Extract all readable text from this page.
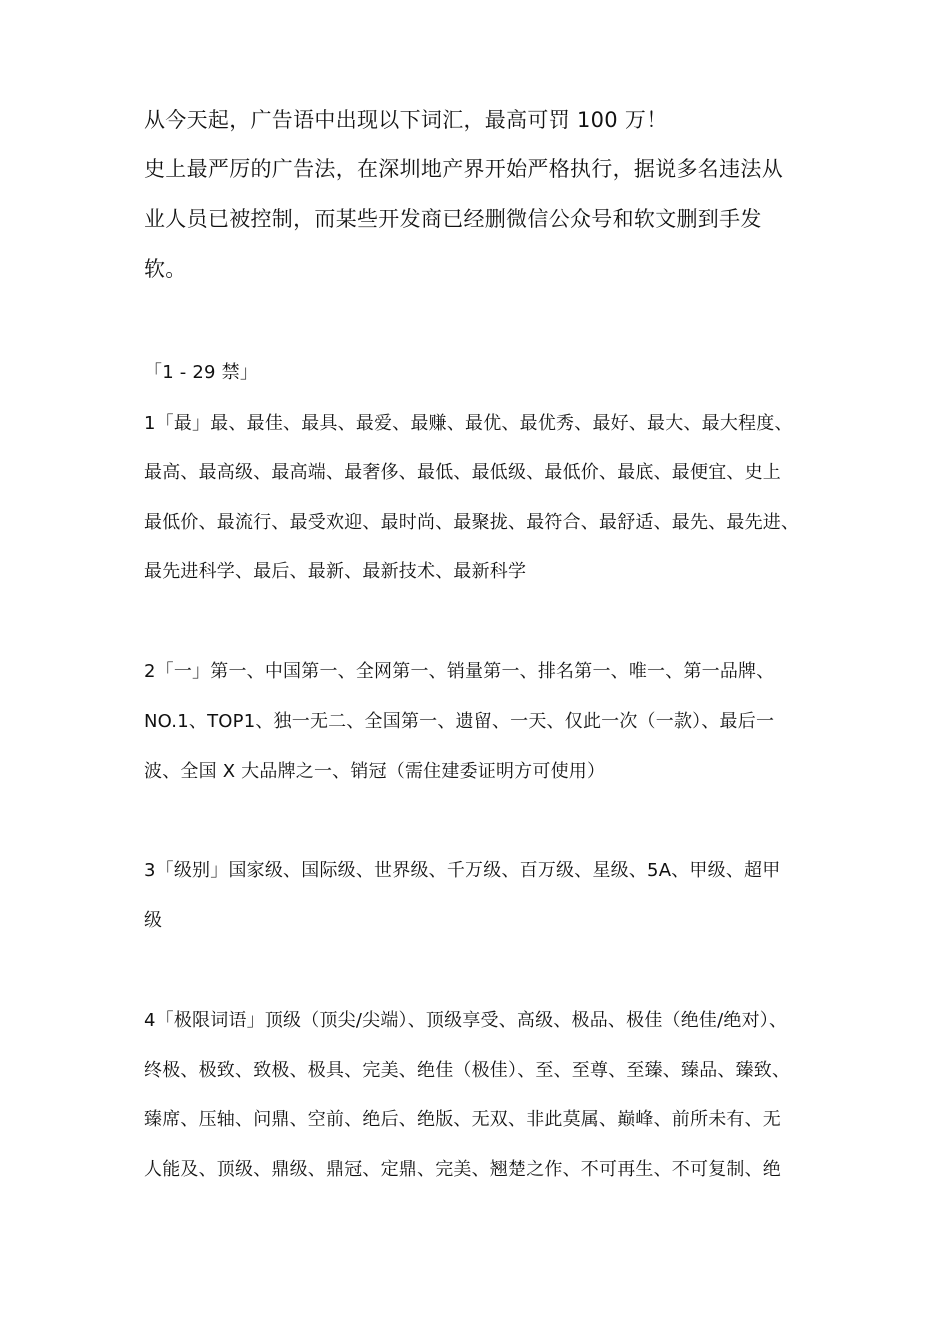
从今天起，广告语中出现以下词汇，最高可罚 100 万！
史上最严厉的广告法，在深圳地产界开始严格执行，据说多名违法从
业人员已被控制，而某些开发商已经删微信公众号和软文删到手发
软。
「1 - 29 禁」
1「最」最、最佳、最具、最爱、最赚、最优、最优秀、最好、最大、最大程度、
最高、最高级、最高端、最奢侈、最低、最低级、最低价、最底、最便宜、史上
最低价、最流行、最受欢迎、最时尚、最聚拢、最符合、最舒适、最先、最先进、
最先进科学、最后、最新、最新技术、最新科学
2「一」第一、中国第一、全网第一、销量第一、排名第一、唯一、第一品牌、
NO.1、TOP1、独一无二、全国第一、遗留、一天、仅此一次（一款）、最后一
波、全国 X 大品牌之一、销冠（需住建委证明方可使用）
3「级别」国家级、国际级、世界级、千万级、百万级、星级、5A、甲级、超甲
级
4「极限词语」顶级（顶尖/尖端）、顶级享受、高级、极品、极佳（绝佳/绝对）、
终极、极致、致极、极具、完美、绝佳（极佳）、至、至尊、至臻、臻品、臻致、
臻席、压轴、问鼎、空前、绝后、绝版、无双、非此莫属、巅峰、前所未有、无
人能及、顶级、鼎级、鼎冠、定鼎、完美、翘楚之作、不可再生、不可复制、绝
